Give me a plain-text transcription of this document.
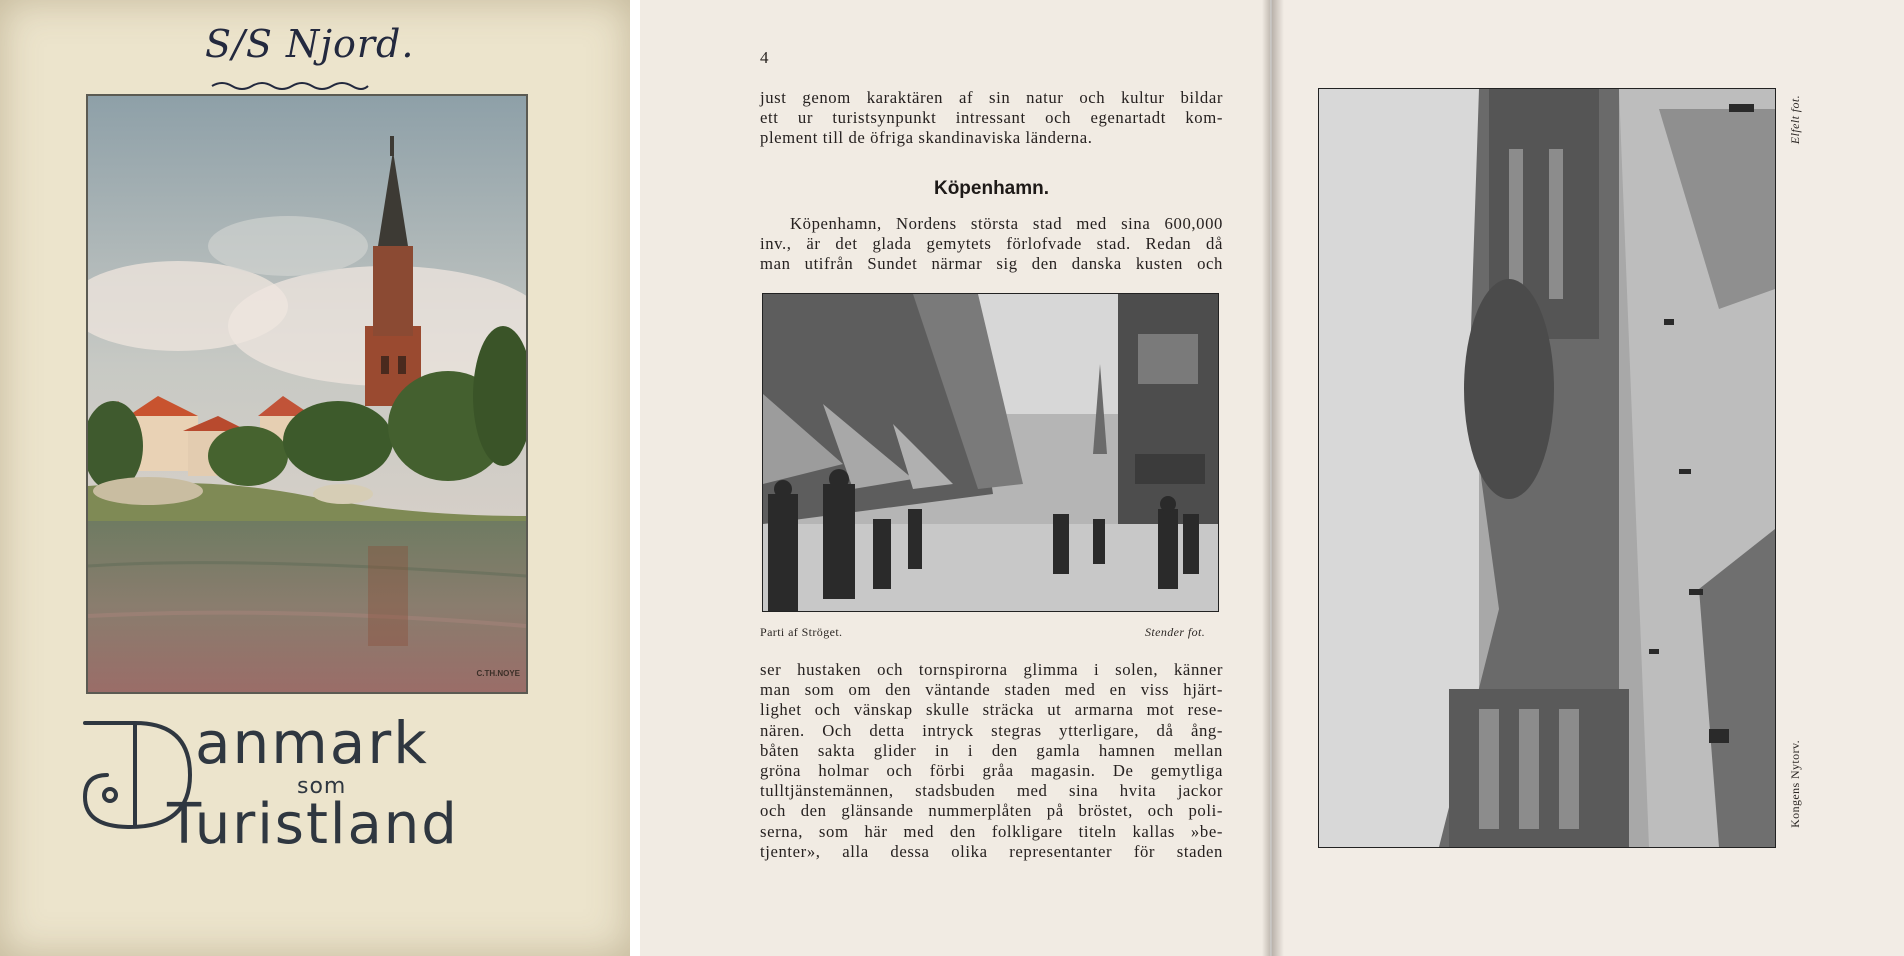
S/S Njord.
C.TH.NOYE
anmark
som
Turistland
4
just genom karaktären af sin natur och kultur bildar
ett ur turistsynpunkt intressant och egenartadt kom-
plement till de öfriga skandinaviska länderna.
Köpenhamn.
Köpenhamn, Nordens största stad med sina 600,000
inv., är det glada gemytets förlofvade stad. Redan då
man utifrån Sundet närmar sig den danska kusten och
Parti af Ströget.	Stender fot.
ser hustaken och tornspirorna glimma i solen, känner
man som om den väntande staden med en viss hjärt-
lighet och vänskap skulle sträcka ut armarna mot rese-
nären. Och detta intryck stegras ytterligare, då ång-
båten sakta glider in i den gamla hamnen mellan
gröna holmar och förbi gråa magasin. De gemytliga
tulltjänstemännen, stadsbuden med sina hvita jackor
och den glänsande nummerplåten på bröstet, och poli-
serna, som här med den folkligare titeln kallas »be-
tjenter», alla dessa olika representanter för staden
Elfelt fot.
Kongens Nytorv.
